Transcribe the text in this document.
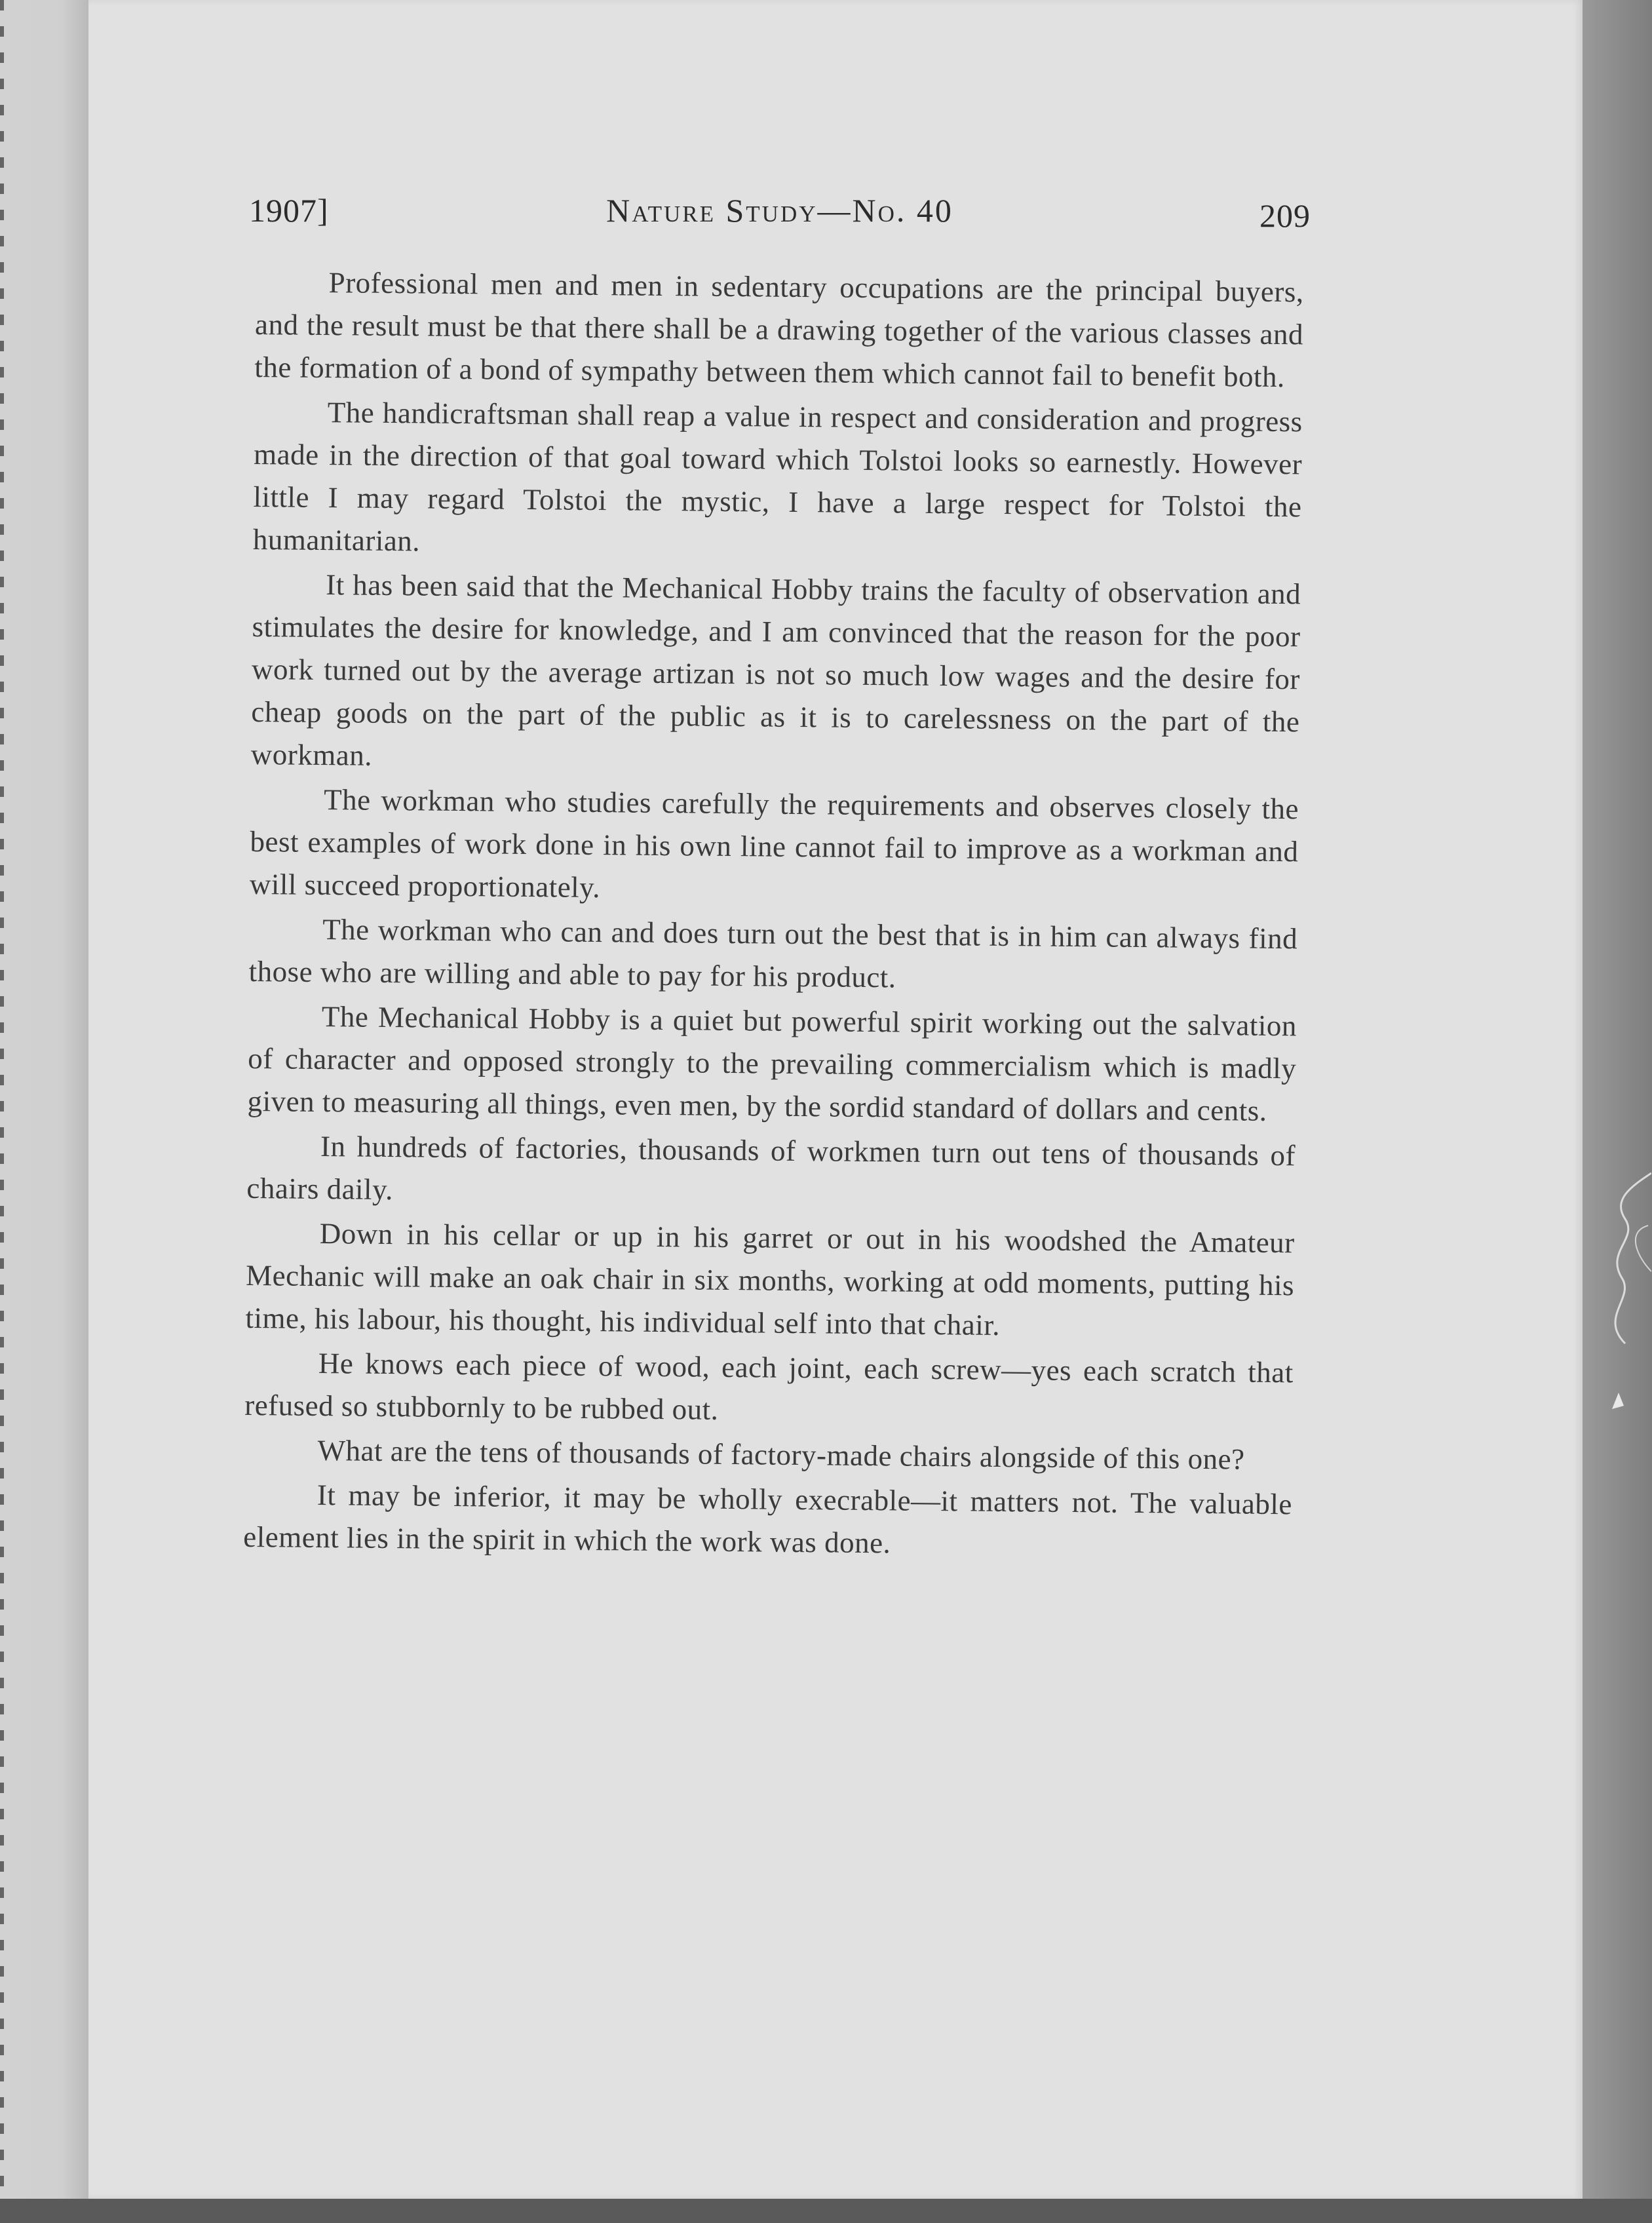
1907]	Nature Study—No. 40	209

Professional men and men in sedentary occupations are the principal buyers, and the result must be that there shall be a drawing together of the various classes and the formation of a bond of sympathy between them which cannot fail to benefit both.

The handicraftsman shall reap a value in respect and consideration and progress made in the direction of that goal toward which Tolstoi looks so earnestly. However little I may regard Tolstoi the mystic, I have a large respect for Tolstoi the humanitarian.

It has been said that the Mechanical Hobby trains the faculty of observation and stimulates the desire for knowledge, and I am convinced that the reason for the poor work turned out by the average artizan is not so much low wages and the desire for cheap goods on the part of the public as it is to carelessness on the part of the workman.

The workman who studies carefully the requirements and observes closely the best examples of work done in his own line cannot fail to improve as a workman and will succeed proportionately.

The workman who can and does turn out the best that is in him can always find those who are willing and able to pay for his product.

The Mechanical Hobby is a quiet but powerful spirit working out the salvation of character and opposed strongly to the prevailing commercialism which is madly given to measuring all things, even men, by the sordid standard of dollars and cents.

In hundreds of factories, thousands of workmen turn out tens of thousands of chairs daily.

Down in his cellar or up in his garret or out in his woodshed the Amateur Mechanic will make an oak chair in six months, working at odd moments, putting his time, his labour, his thought, his individual self into that chair.

He knows each piece of wood, each joint, each screw—yes each scratch that refused so stubbornly to be rubbed out.

What are the tens of thousands of factory-made chairs alongside of this one?

It may be inferior, it may be wholly execrable—it matters not. The valuable element lies in the spirit in which the work was done.
